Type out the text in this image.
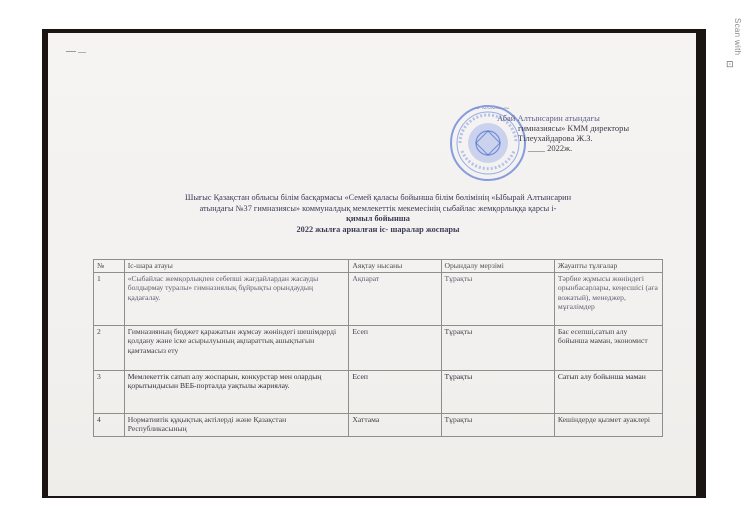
~ ~~~~~~
Абай Алтынсарин атындағы
гимназиясы» КММ директоры
Тілеухайдарова Ж.З.
____ 2022ж.
Шығыс Қазақстан облысы білім басқармасы «Семей қаласы бойынша білім бөлімінің «Ыбырай Алтынсарин
атындағы №37 гимназиясы» коммуналдық мемлекеттік мекемесінің сыбайлас жемқорлыққа қарсы і-
қимыл бойынша
2022 жылға арналған іс- шаралар жоспары
№	Іс-шара атауы	Аяқтау нысаны	Орындалу мерзімі	Жауапты тұлғалар
1	«Сыбайлас жемқорлықпен себепші жағдайлардан жасауды болдырмау туралы» гимназиялық бұйрықты орындаудың қадағалау.	Ақпарат	Тұрақты	Тәрбие жұмысы жөніндегі орынбасарлары, кеңесшісі (аға вожатый), менеджер, мұғалімдер
2	Гимназияның бюджет қаражатын жұмсау жөніндегі шешімдерді қолдану және іске асырылуының ақпараттық ашықтығын қамтамасыз ету	Есеп	Тұрақты	Бас есепші,сатып алу бойынша маман, экономист
3	Мемлекеттік сатып алу жоспарын, конкурстар мен олардың қорытындысын ВЕБ-порталда уақтылы жариялау.	Есеп	Тұрақты	Сатып алу бойынша маман
4	Нормативтік құқықтық актілерді және Қазақстан Республикасының	Хаттама	Тұрақты	Кешіндерде қызмет ауаклері
Scan with
⊡
